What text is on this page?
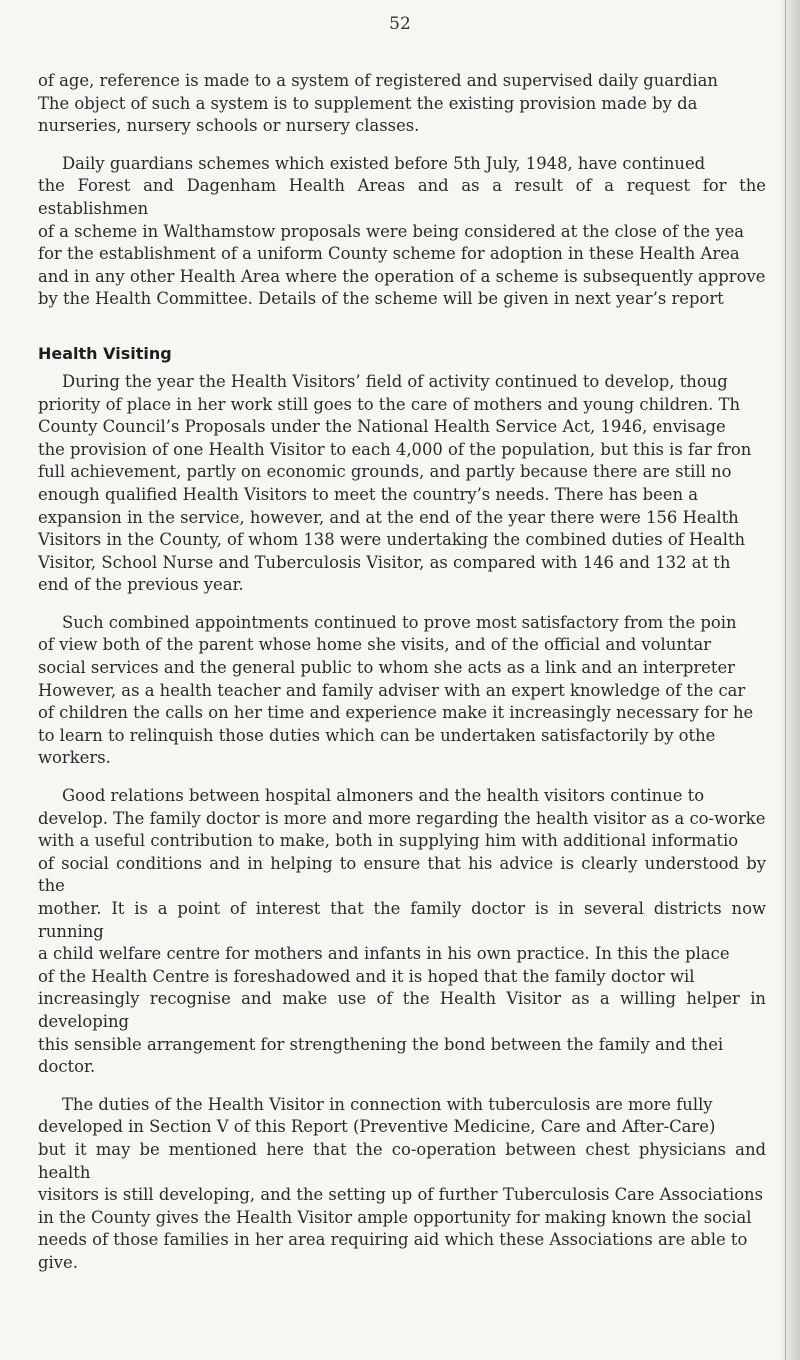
52

of age, reference is made to a system of registered and supervised daily guardian
The object of such a system is to supplement the existing provision made by da
nurseries, nursery schools or nursery classes.

Daily guardians schemes which existed before 5th July, 1948, have continued
the Forest and Dagenham Health Areas and as a result of a request for the establishmen
of a scheme in Walthamstow proposals were being considered at the close of the yea
for the establishment of a uniform County scheme for adoption in these Health Area
and in any other Health Area where the operation of a scheme is subsequently approve
by the Health Committee. Details of the scheme will be given in next year’s report

Health Visiting

During the year the Health Visitors’ field of activity continued to develop, thoug
priority of place in her work still goes to the care of mothers and young children. Th
County Council’s Proposals under the National Health Service Act, 1946, envisage
the provision of one Health Visitor to each 4,000 of the population, but this is far fron
full achievement, partly on economic grounds, and partly because there are still no
enough qualified Health Visitors to meet the country’s needs. There has been a
expansion in the service, however, and at the end of the year there were 156 Health
Visitors in the County, of whom 138 were undertaking the combined duties of Health
Visitor, School Nurse and Tuberculosis Visitor, as compared with 146 and 132 at th
end of the previous year.

Such combined appointments continued to prove most satisfactory from the poin
of view both of the parent whose home she visits, and of the official and voluntar
social services and the general public to whom she acts as a link and an interpreter
However, as a health teacher and family adviser with an expert knowledge of the car
of children the calls on her time and experience make it increasingly necessary for he
to learn to relinquish those duties which can be undertaken satisfactorily by othe
workers.

Good relations between hospital almoners and the health visitors continue to
develop. The family doctor is more and more regarding the health visitor as a co-worke
with a useful contribution to make, both in supplying him with additional informatio
of social conditions and in helping to ensure that his advice is clearly understood by the
mother. It is a point of interest that the family doctor is in several districts now running
a child welfare centre for mothers and infants in his own practice. In this the place
of the Health Centre is foreshadowed and it is hoped that the family doctor wil
increasingly recognise and make use of the Health Visitor as a willing helper in developing
this sensible arrangement for strengthening the bond between the family and thei
doctor.

The duties of the Health Visitor in connection with tuberculosis are more fully
developed in Section V of this Report (Preventive Medicine, Care and After-Care)
but it may be mentioned here that the co-operation between chest physicians and health
visitors is still developing, and the setting up of further Tuberculosis Care Associations
in the County gives the Health Visitor ample opportunity for making known the social
needs of those families in her area requiring aid which these Associations are able to
give.
